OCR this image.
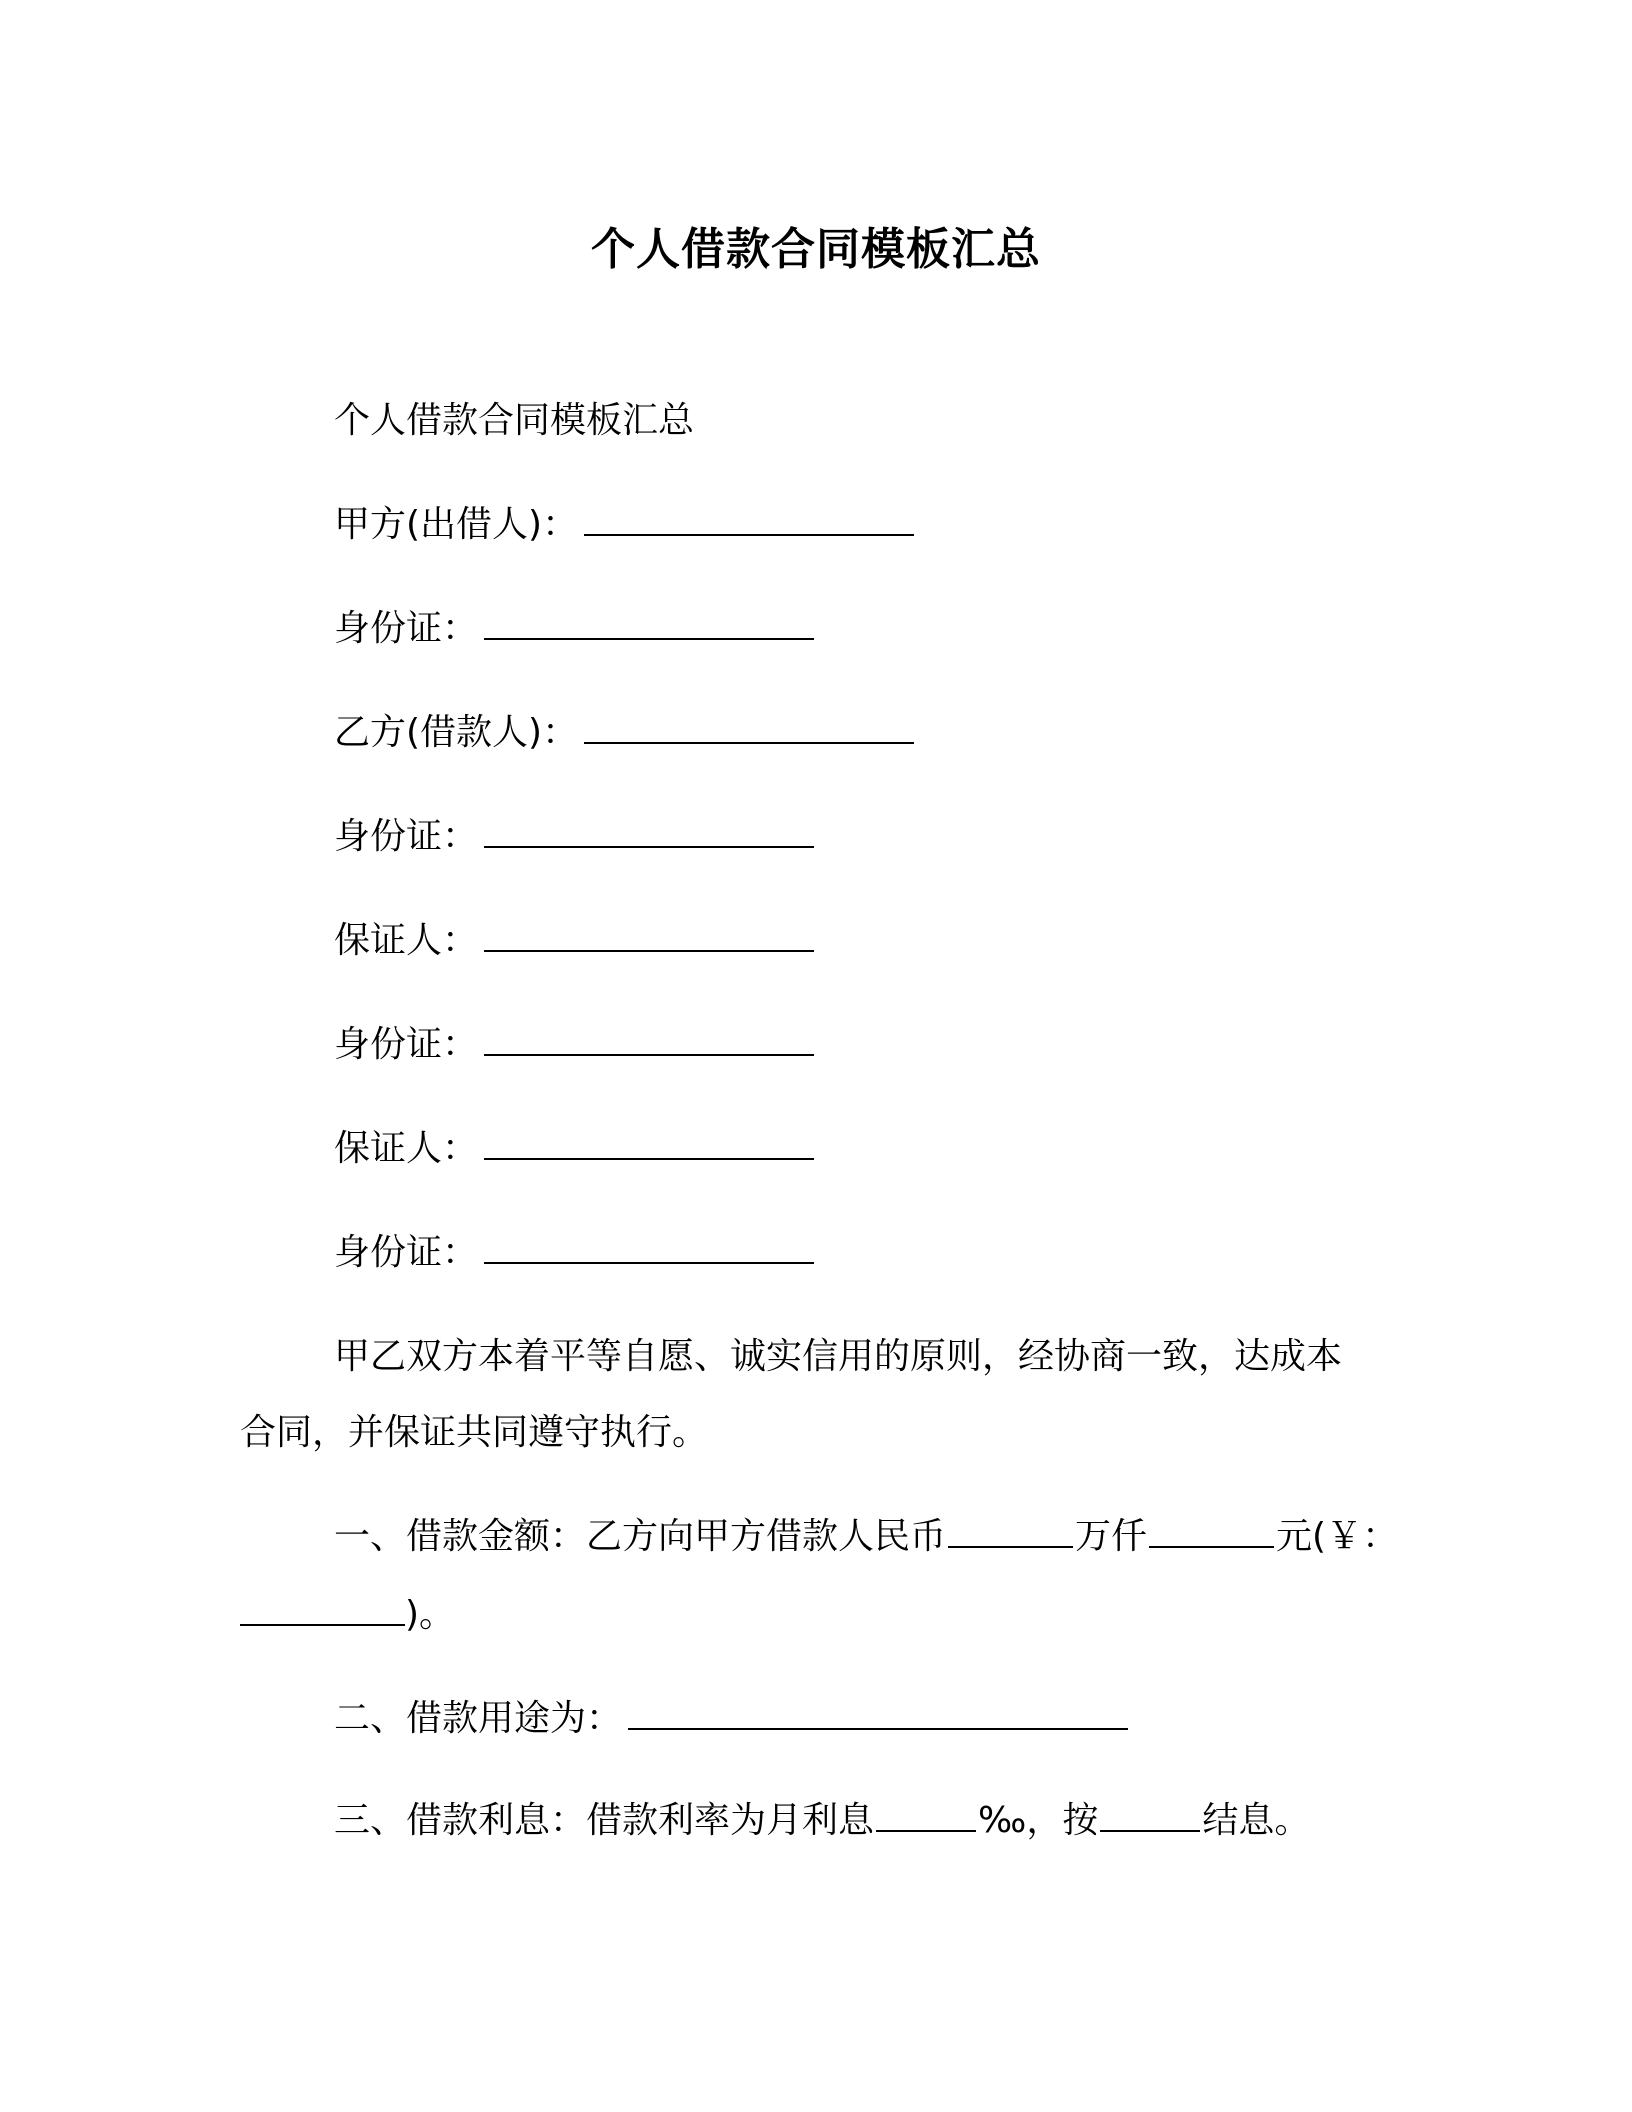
个人借款合同模板汇总
个人借款合同模板汇总
甲方(出借人)：
身份证：
乙方(借款人)：
身份证：
保证人：
身份证：
保证人：
身份证：
甲乙双方本着平等自愿、诚实信用的原则，经协商一致，达成本
合同，并保证共同遵守执行。
一、借款金额：乙方向甲方借款人民币	万仟	元(￥：
)。
二、借款用途为：
三、借款利息：借款利率为月利息	‰，按	结息。
